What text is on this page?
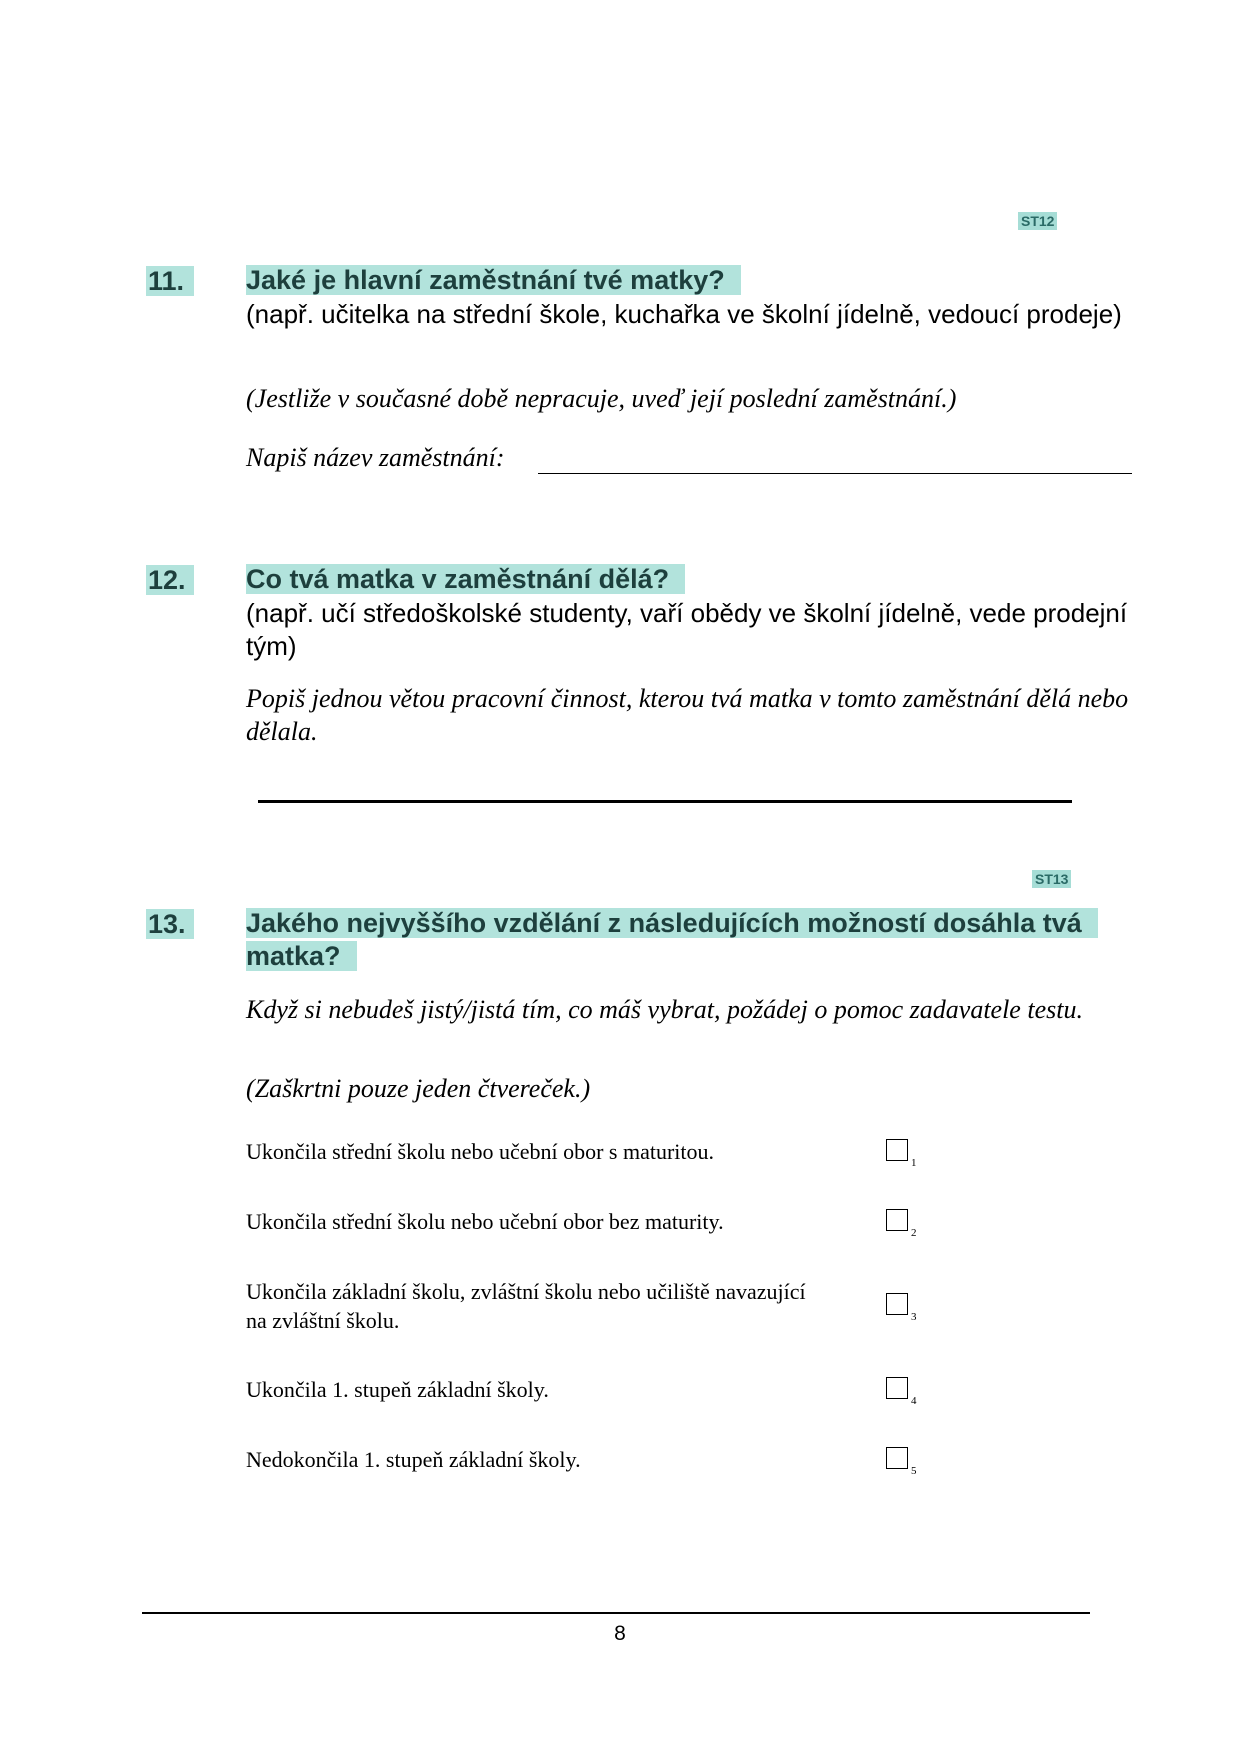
ST12
11.	Jaké je hlavní zaměstnání tvé matky?
(např. učitelka na střední škole, kuchařka ve školní jídelně, vedoucí prodeje)
(Jestliže v současné době nepracuje, uveď její poslední zaměstnání.)
Napiš název zaměstnání:
12.	Co tvá matka v zaměstnání dělá?
(např. učí středoškolské studenty, vaří obědy ve školní jídelně, vede prodejní tým)
Popiš jednou větou pracovní činnost, kterou tvá matka v tomto zaměstnání dělá nebo dělala.
ST13
13.	Jakého nejvyššího vzdělání z následujících možností dosáhla tvá matka?
Když si nebudeš jistý/jistá tím, co máš vybrat, požádej o pomoc zadavatele testu.
(Zaškrtni pouze jeden čtvereček.)
Ukončila střední školu nebo učební obor s maturitou.	1
Ukončila střední školu nebo učební obor bez maturity.	2
Ukončila základní školu, zvláštní školu nebo učiliště navazující na zvláštní školu.	3
Ukončila 1. stupeň základní školy.	4
Nedokončila 1. stupeň základní školy.	5
8
